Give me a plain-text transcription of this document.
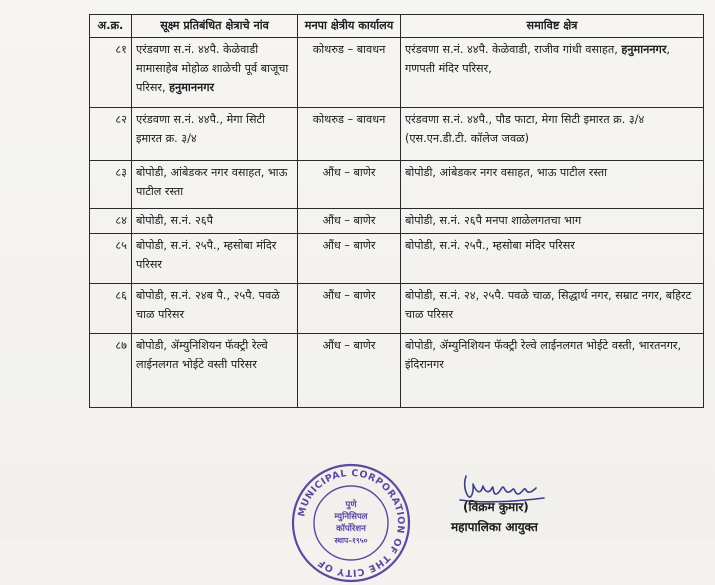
अ.क्र.	सूक्ष्म प्रतिबंधित क्षेत्राचे नांव	मनपा क्षेत्रीय कार्यालय	समाविष्ट क्षेत्र
८१	एरंडवणा स.नं. ४४पै. केळेवाडी मामासाहेब मोहोळ शाळेची पूर्व बाजूचा परिसर, हनुमाननगर	कोथरुड – बावधन	एरंडवणा स.नं. ४४पै. केळेवाडी, राजीव गांधी वसाहत, हनुमाननगर, गणपती मंदिर परिसर,
८२	एरंडवणा स.नं. ४४पै., मेगा सिटी इमारत क्र. ३/४	कोथरुड – बावधन	एरंडवणा स.नं. ४४पै., पौड फाटा, मेगा सिटी इमारत क्र. ३/४ (एस.एन.डी.टी. कॉलेज जवळ)
८३	बोपोडी, आंबेडकर नगर वसाहत, भाऊ पाटील रस्ता	औंध – बाणेर	बोपोडी, आंबेडकर नगर वसाहत, भाऊ पाटील रस्ता
८४	बोपोडी, स.नं. २६पै	औंध – बाणेर	बोपोडी, स.नं. २६पै मनपा शाळेलगतचा भाग
८५	बोपोडी, स.नं. २५पै., म्हसोबा मंदिर परिसर	औंध – बाणेर	बोपोडी, स.नं. २५पै., म्हसोबा मंदिर परिसर
८६	बोपोडी, स.नं. २४ब पै., २५पै. पवळे चाळ परिसर	औंध – बाणेर	बोपोडी, स.नं. २४, २५पै. पवळे चाळ, सिद्धार्थ नगर, सम्राट नगर, बहिरट चाळ परिसर
८७	बोपोडी, ॲम्युनिशियन फॅक्ट्री रेल्वे लाईनलगत भोईटे वस्ती परिसर	औंध – बाणेर	बोपोडी, ॲम्युनिशियन फॅक्ट्री रेल्वे लाईनलगत भोईटे वस्ती, भारतनगर, इंदिरानगर
MUNICIPAL CORPORATION OF THE CITY OF
पुणे
म्युनिसिपल
कॉर्पोरेशन
स्थाप–१९५०
(विक्रम कुमार)
महापालिका आयुक्त
